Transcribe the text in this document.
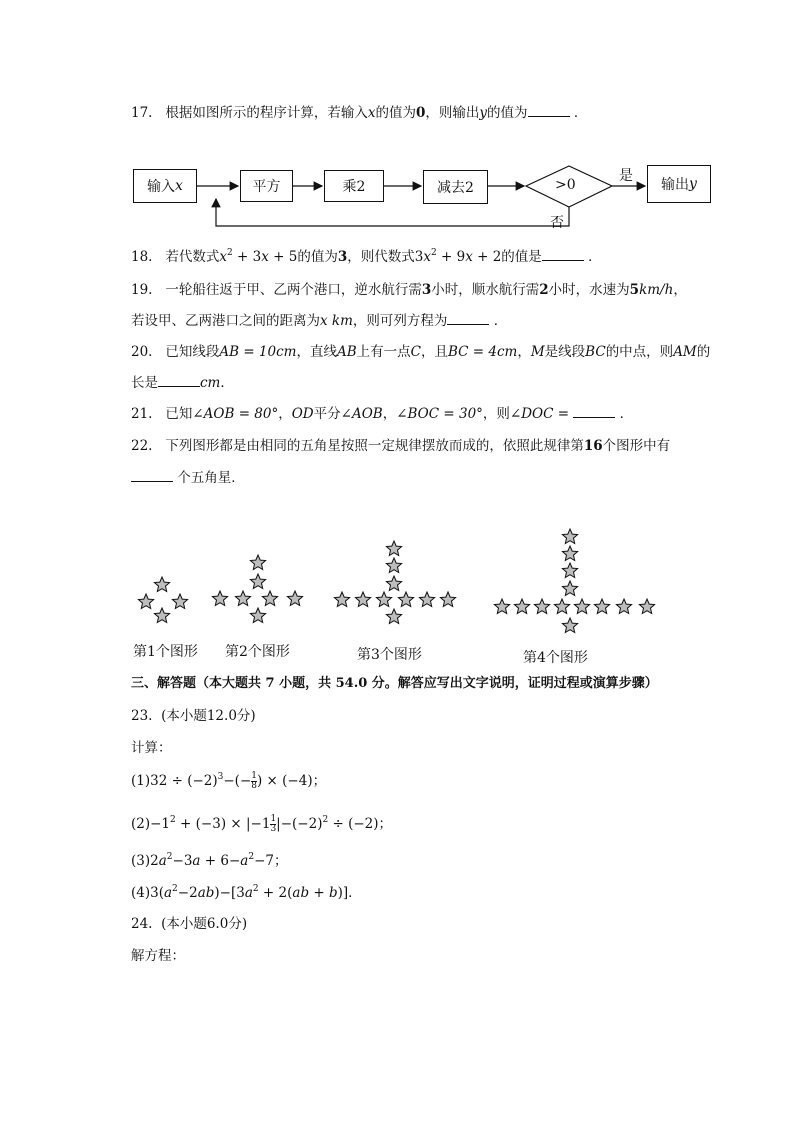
17. 根据如图所示的程序计算，若输入x的值为0，则输出y的值为	．
输入 x	平方	乘2	减去2	>0	输出 y
是
否
18. 若代数式$x^2 + 3x + 5$的值为3，则代数式$3x^2 + 9x + 2$的值是	．
19. 一轮船往返于甲、乙两个港口，逆水航行需3小时，顺水航行需2小时，水速为5km/h，
若设甲、乙两港口之间的距离为x km，则可列方程为	．
20. 已知线段AB = 10cm，直线AB上有一点C，且BC = 4cm，M是线段BC的中点，则AM的
长是	cm．
21. 已知∠AOB = 80°，OD平分∠AOB，∠BOC = 30°，则∠DOC =	．
22. 下列图形都是由相同的五角星按照一定规律摆放而成的，依照此规律第16个图形中有
个五角星．
第1个图形 第2个图形	第3个图形	第4个图形
三、解答题（本大题共 7 小题，共 54.0 分。解答应写出文字说明，证明过程或演算步骤）
23. (本小题12.0分)
计算：
$(1)32 \div (-2)^3-(- \frac{1}{8}$ ) × (−4)；
$(2)-1^2 + (-3) \times |-1 \frac{1}{3} |-(-2)^2 \div (-2)$；
$(3)2a^2-3a + 6-a^2-7$；
$(4)3(a^2-2ab)-[3a^2 + 2(ab + b)]$．
24. (本小题6.0分)
解方程：
